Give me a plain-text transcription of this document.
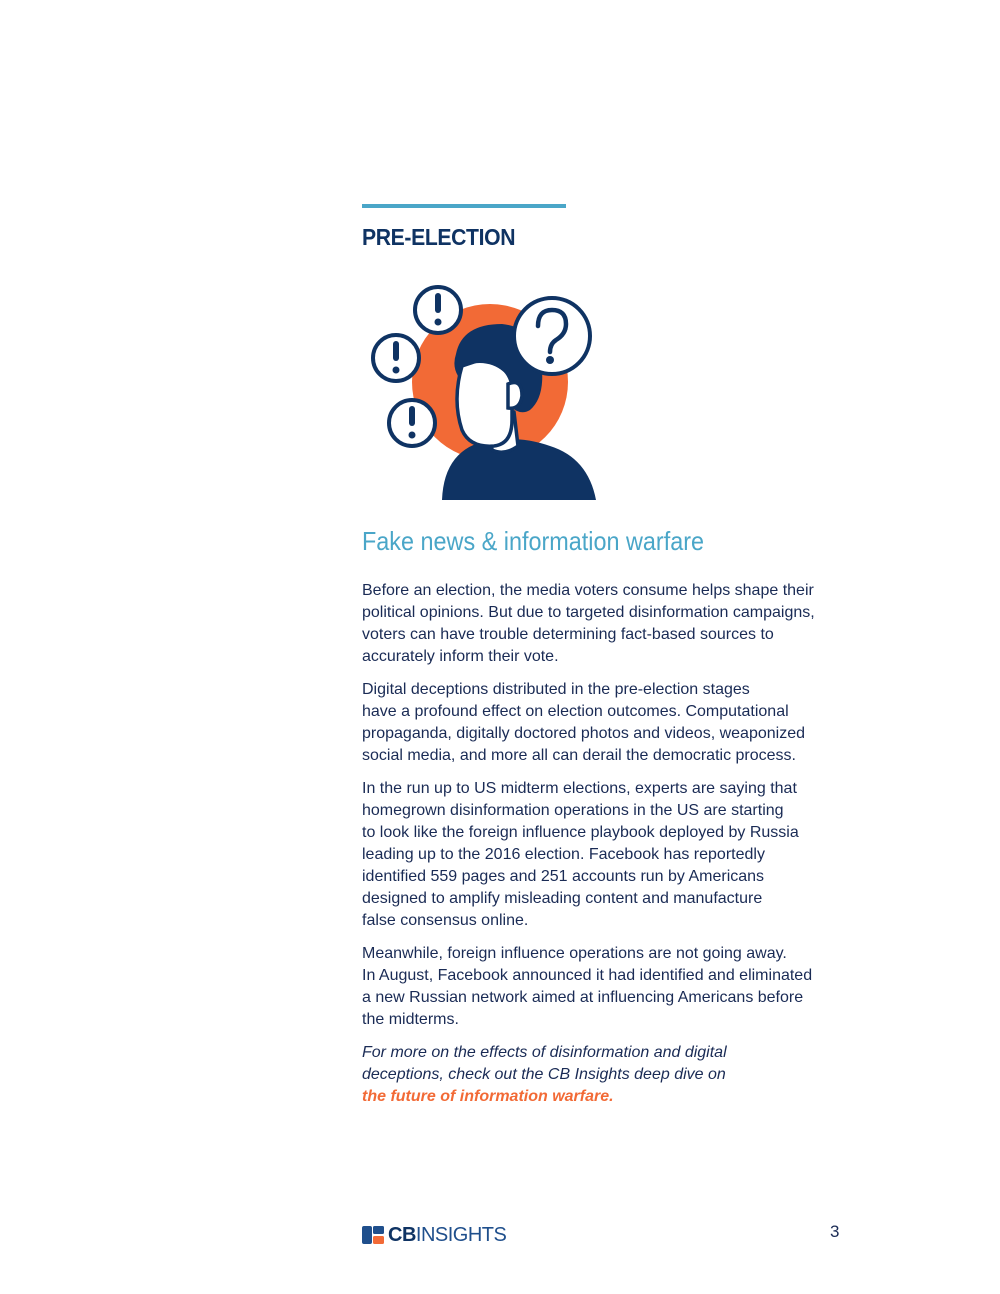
PRE-ELECTION
Fake news & information warfare

Before an election, the media voters consume helps shape their
political opinions. But due to targeted disinformation campaigns,
voters can have trouble determining fact-based sources to
accurately inform their vote.

Digital deceptions distributed in the pre-election stages
have a profound effect on election outcomes. Computational
propaganda, digitally doctored photos and videos, weaponized
social media, and more all can derail the democratic process.

In the run up to US midterm elections, experts are saying that
homegrown disinformation operations in the US are starting
to look like the foreign influence playbook deployed by Russia
leading up to the 2016 election. Facebook has reportedly
identified 559 pages and 251 accounts run by Americans
designed to amplify misleading content and manufacture
false consensus online.

Meanwhile, foreign influence operations are not going away.
In August, Facebook announced it had identified and eliminated
a new Russian network aimed at influencing Americans before
the midterms.

For more on the effects of disinformation and digital
deceptions, check out the CB Insights deep dive on
the future of information warfare.

CBINSIGHTS	3
